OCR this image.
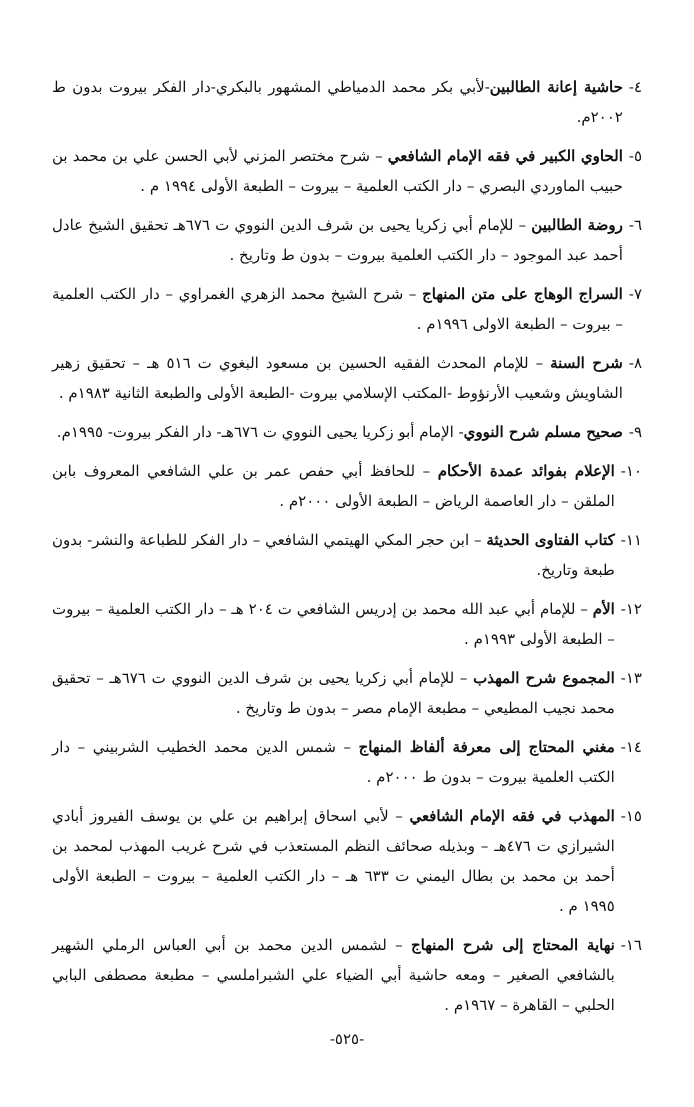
٤-
حاشية إعانة الطالبين-لأبي بكر محمد الدمياطي المشهور بالبكري-دار الفكر بيروت بدون ط ٢٠٠٢م.
٥-
الحاوي الكبير في فقه الإمام الشافعي – شرح مختصر المزني لأبي الحسن علي بن محمد بن حبيب الماوردي البصري – دار الكتب العلمية – بيروت – الطبعة الأولى ١٩٩٤ م .
٦-
روضة الطالبين – للإمام أبي زكريا يحيى بن شرف الدين النووي ت ٦٧٦هـ تحقيق الشيخ عادل أحمد عبد الموجود – دار الكتب العلمية بيروت – بدون ط وتاريخ .
٧-
السراج الوهاج على متن المنهاج – شرح الشيخ محمد الزهري الغمراوي – دار الكتب العلمية – بيروت – الطبعة الاولى ١٩٩٦م .
٨-
شرح السنة – للإمام المحدث الفقيه الحسين بن مسعود البغوي ت ٥١٦ هـ – تحقيق زهير الشاويش وشعيب الأرنؤوط -المكتب الإسلامي بيروت -الطبعة الأولى والطبعة الثانية ١٩٨٣م .
٩-
صحيح مسلم شرح النووي- الإمام أبو زكريا يحيى النووي ت ٦٧٦هـ- دار الفكر بيروت- ١٩٩٥م.
١٠-
الإعلام بفوائد عمدة الأحكام – للحافظ أبي حفص عمر بن علي الشافعي المعروف بابن الملقن – دار العاصمة الرياض – الطبعة الأولى ٢٠٠٠م .
١١-
كتاب الفتاوى الحديثة – ابن حجر المكي الهيتمي الشافعي – دار الفكر للطباعة والنشر- بدون طبعة وتاريخ.
١٢-
الأم – للإمام أبي عبد الله محمد بن إدريس الشافعي ت ٢٠٤ هـ – دار الكتب العلمية – بيروت – الطبعة الأولى ١٩٩٣م .
١٣-
المجموع شرح المهذب – للإمام أبي زكريا يحيى بن شرف الدين النووي ت ٦٧٦هـ – تحقيق محمد نجيب المطيعي – مطبعة الإمام مصر – بدون ط وتاريخ .
١٤-
مغني المحتاج إلى معرفة ألفاظ المنهاج – شمس الدين محمد الخطيب الشربيني – دار الكتب العلمية بيروت – بدون ط ٢٠٠٠م .
١٥-
المهذب في فقه الإمام الشافعي – لأبي اسحاق إبراهيم بن علي بن يوسف الفيروز أبادي الشيرازي ت ٤٧٦هـ – وبذيله صحائف النظم المستعذب في شرح غريب المهذب لمحمد بن أحمد بن محمد بن بطال اليمني ت ٦٣٣ هـ – دار الكتب العلمية – بيروت – الطبعة الأولى ١٩٩٥ م .
١٦-
نهاية المحتاج إلى شرح المنهاج – لشمس الدين محمد بن أبي العباس الرملي الشهير بالشافعي الصغير – ومعه حاشية أبي الضياء علي الشبراملسي – مطبعة مصطفى البابي الحلبي – القاهرة – ١٩٦٧م .
-٥٢٥-
